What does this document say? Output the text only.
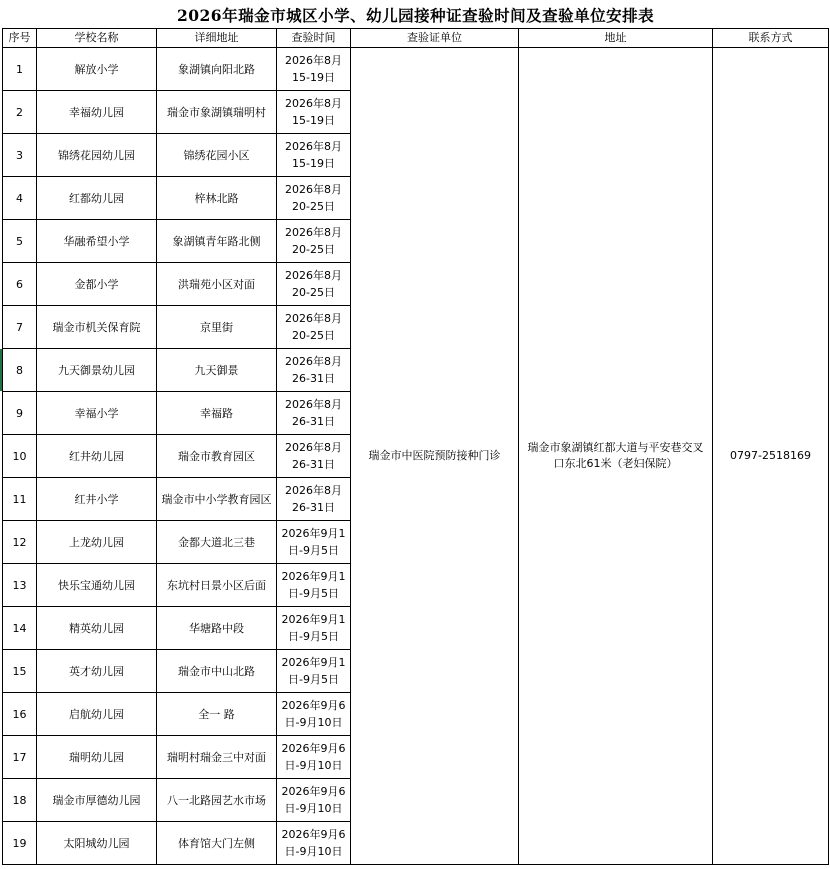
2026年瑞金市城区小学、幼儿园接种证查验时间及查验单位安排表						
序号	学校名称	详细地址	查验时间	查验证单位	地址	联系方式
1	解放小学	象湖镇向阳北路	2026年8月
15-19日	瑞金市中医院预防接种门诊	瑞金市象湖镇红都大道与平安巷交叉口东北61米（老妇保院）	0797-2518169
2	幸福幼儿园	瑞金市象湖镇瑞明村	2026年8月
15-19日			

3	锦绣花园幼儿园	锦绣花园小区	2026年8月
15-19日			

4	红都幼儿园	梓林北路	2026年8月
20-25日			

5	华融希望小学	象湖镇青年路北侧	2026年8月
20-25日			

6	金都小学	洪瑞苑小区对面	2026年8月
20-25日			

7	瑞金市机关保育院	京里街	2026年8月
20-25日			

8	九天御景幼儿园	九天御景	2026年8月
26-31日			

9	幸福小学	幸福路	2026年8月
26-31日			

10	红井幼儿园	瑞金市教育园区	2026年8月
26-31日			

11	红井小学	瑞金市中小学教育园区	2026年8月
26-31日			

12	上龙幼儿园	金都大道北三巷	2026年9月1
日-9月5日			

13	快乐宝通幼儿园	东坑村日景小区后面	2026年9月1
日-9月5日			

14	精英幼儿园	华塘路中段	2026年9月1
日-9月5日			

15	英才幼儿园	瑞金市中山北路	2026年9月1
日-9月5日			

16	启航幼儿园	全一 路	2026年9月6
日-9月10日			

17	瑞明幼儿园	瑞明村瑞金三中对面	2026年9月6
日-9月10日			

18	瑞金市厚德幼儿园	八一北路园艺水市场	2026年9月6
日-9月10日			

19	太阳城幼儿园	体育馆大门左侧	2026年9月6
日-9月10日			
